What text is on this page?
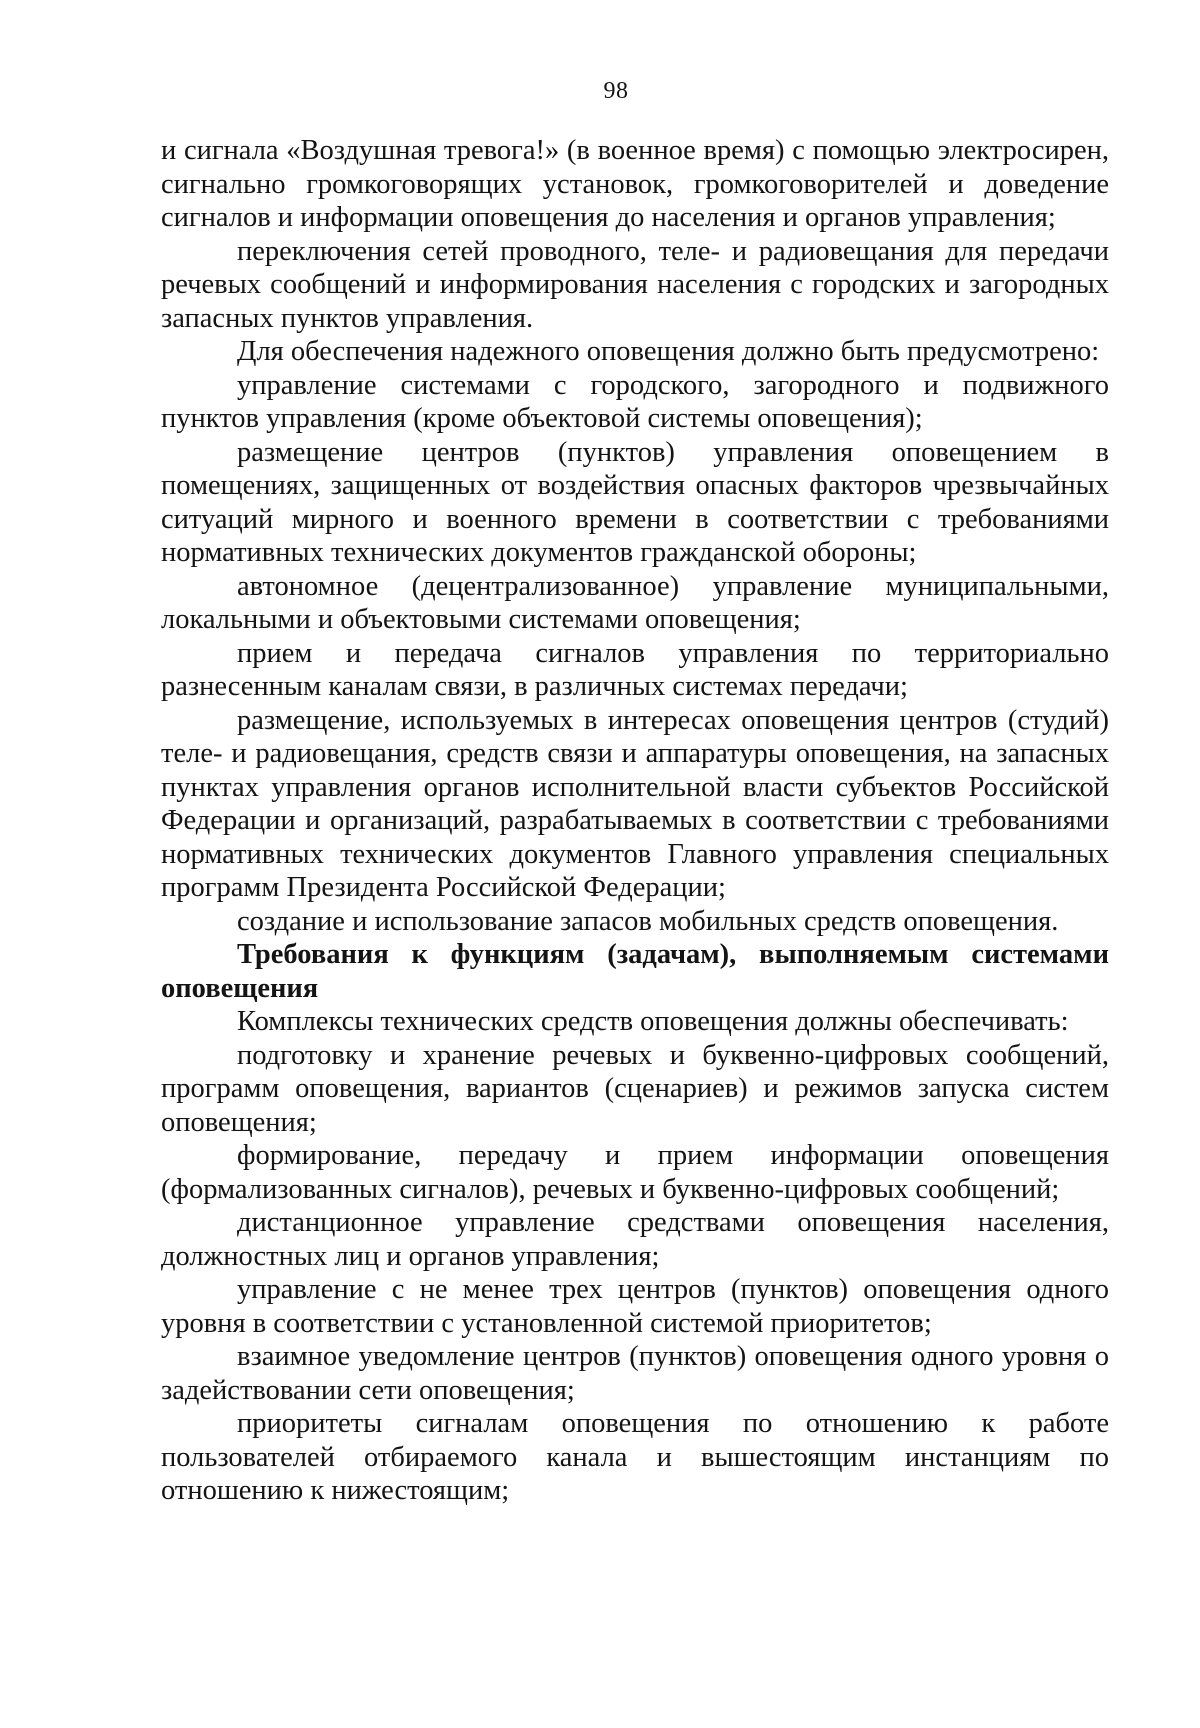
98

и сигнала «Воздушная тревога!» (в военное время) с помощью электросирен, сигнально громкоговорящих установок, громкоговорителей и доведение сигналов и информации оповещения до населения и органов управления;

переключения сетей проводного, теле- и радиовещания для передачи речевых сообщений и информирования населения с городских и загородных запасных пунктов управления.

Для обеспечения надежного оповещения должно быть предусмотрено:

управление системами с городского, загородного и подвижного пунктов управления (кроме объектовой системы оповещения);

размещение центров (пунктов) управления оповещением в помещениях, защищенных от воздействия опасных факторов чрезвычайных ситуаций мирного и военного времени в соответствии с требованиями нормативных технических документов гражданской обороны;

автономное (децентрализованное) управление муниципальными, локальными и объектовыми системами оповещения;

прием и передача сигналов управления по территориально разнесенным каналам связи, в различных системах передачи;

размещение, используемых в интересах оповещения центров (студий) теле- и радиовещания, средств связи и аппаратуры оповещения, на запасных пунктах управления органов исполнительной власти субъектов Российской Федерации и организаций, разрабатываемых в соответствии с требованиями нормативных технических документов Главного управления специальных программ Президента Российской Федерации;

создание и использование запасов мобильных средств оповещения.

Требования к функциям (задачам), выполняемым системами оповещения

Комплексы технических средств оповещения должны обеспечивать:

подготовку и хранение речевых и буквенно-цифровых сообщений, программ оповещения, вариантов (сценариев) и режимов запуска систем оповещения;

формирование, передачу и прием информации оповещения (формализованных сигналов), речевых и буквенно-цифровых сообщений;

дистанционное управление средствами оповещения населения, должностных лиц и органов управления;

управление с не менее трех центров (пунктов) оповещения одного уровня в соответствии с установленной системой приоритетов;

взаимное уведомление центров (пунктов) оповещения одного уровня о задействовании сети оповещения;

приоритеты сигналам оповещения по отношению к работе пользователей отбираемого канала и вышестоящим инстанциям по отношению к нижестоящим;
